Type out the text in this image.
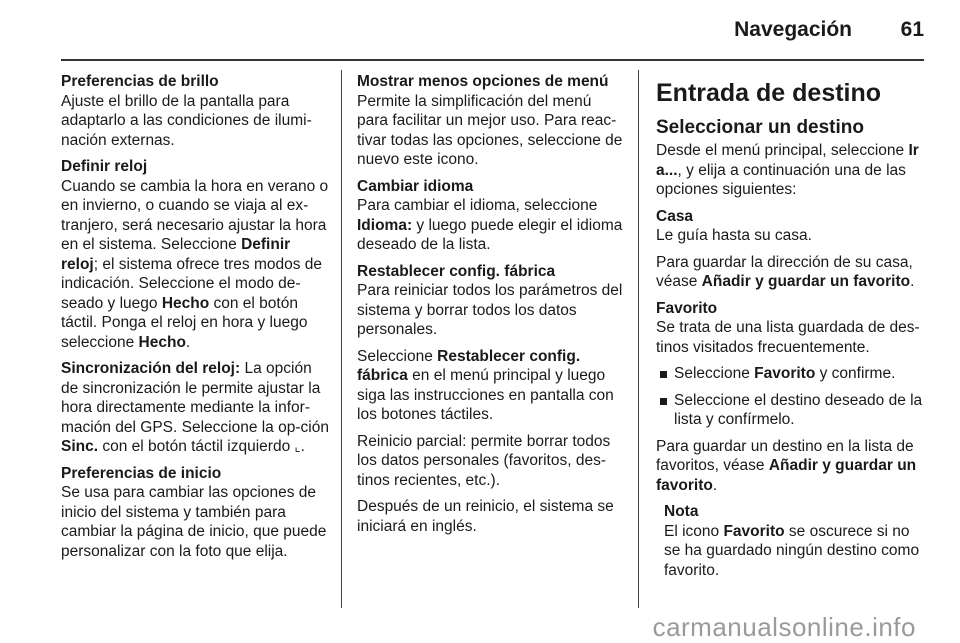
Navegación 61
Preferencias de brillo
Ajuste el brillo de la pantalla para adaptarlo a las condiciones de ilumi-nación externas.
Definir reloj
Cuando se cambia la hora en verano o en invierno, o cuando se viaja al ex-tranjero, será necesario ajustar la hora en el sistema. Seleccione Definir reloj; el sistema ofrece tres modos de indicación. Seleccione el modo de-seado y luego Hecho con el botón táctil. Ponga el reloj en hora y luego seleccione Hecho.
Sincronización del reloj: La opción de sincronización le permite ajustar la hora directamente mediante la infor-mación del GPS. Seleccione la op-ción Sinc. con el botón táctil izquierdo ⌞.
Preferencias de inicio
Se usa para cambiar las opciones de inicio del sistema y también para cambiar la página de inicio, que puede personalizar con la foto que elija.
Mostrar menos opciones de menú
Permite la simplificación del menú para facilitar un mejor uso. Para reac-tivar todas las opciones, seleccione de nuevo este icono.
Cambiar idioma
Para cambiar el idioma, seleccione Idioma: y luego puede elegir el idioma deseado de la lista.
Restablecer config. fábrica
Para reiniciar todos los parámetros del sistema y borrar todos los datos personales.

Seleccione Restablecer config. fábrica en el menú principal y luego siga las instrucciones en pantalla con los botones táctiles.

Reinicio parcial: permite borrar todos los datos personales (favoritos, des-tinos recientes, etc.).

Después de un reinicio, el sistema se iniciará en inglés.

Entrada de destino
Seleccionar un destino

Desde el menú principal, seleccione Ir a..., y elija a continuación una de las opciones siguientes:

Casa
Le guía hasta su casa.

Para guardar la dirección de su casa, véase Añadir y guardar un favorito.

Favorito
Se trata de una lista guardada de des-tinos visitados frecuentemente.
Seleccione Favorito y confirme.
Seleccione el destino deseado de la lista y confírmelo.

Para guardar un destino en la lista de favoritos, véase Añadir y guardar un favorito.

Nota
El icono Favorito se oscurece si no se ha guardado ningún destino como favorito.
carmanualsonline.info
